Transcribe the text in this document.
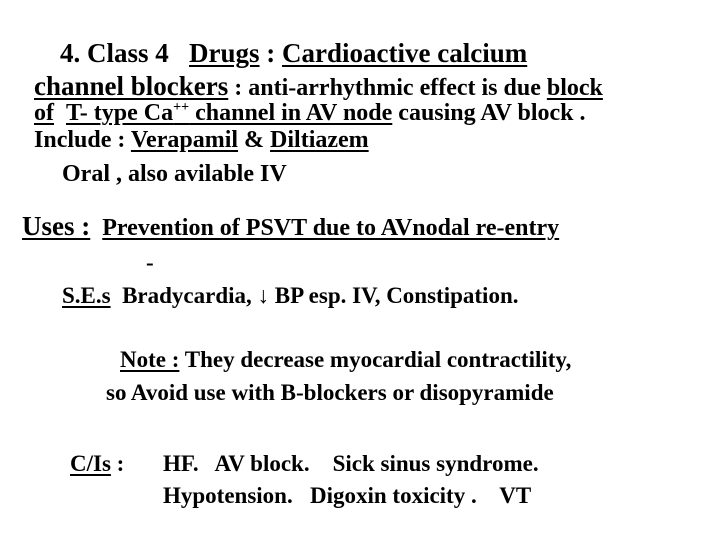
4. Class 4 Drugs : Cardioactive calcium
channel blockers : anti-arrhythmic effect is due block
of T- type Ca++ channel in AV node causing AV block .
Include : Verapamil & Diltiazem
Oral , also avilable IV
Uses : Prevention of PSVT due to AVnodal re-entry
-
S.E.s Bradycardia, ↓ BP esp. IV, Constipation.
Note : They decrease myocardial contractility,
so Avoid use with B-blockers or disopyramide
C/Is : HF.   AV block.    Sick sinus syndrome.
Hypotension.   Digoxin toxicity .    VT
